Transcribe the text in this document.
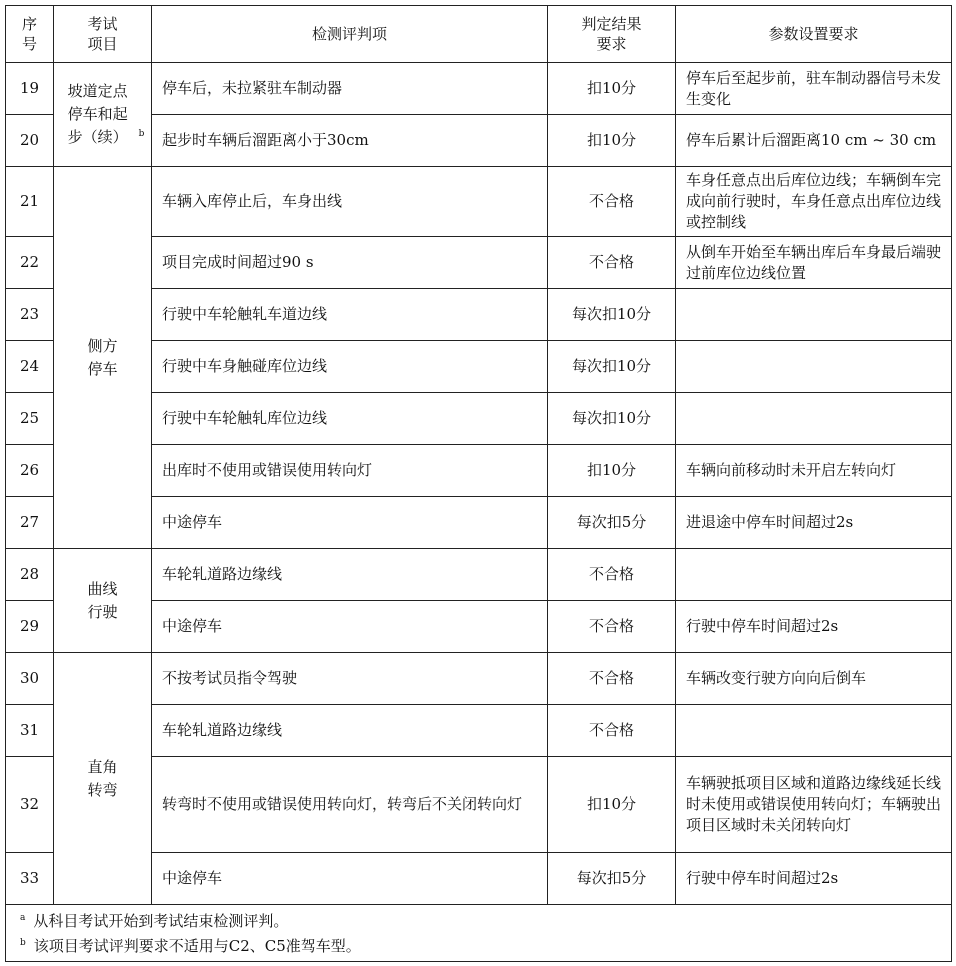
序号	考试项目	检测评判项	判定结果要求	参数设置要求
19	坡道定点停车和起步（续） $^b$	停车后，未拉紧驻车制动器	扣10分	停车后至起步前，驻车制动器信号未发生变化
20		起步时车辆后溜距离小于30cm	扣10分	停车后累计后溜距离10 cm ~ 30 cm
21	侧方停车	车辆入库停止后，车身出线	不合格	车身任意点出后库位边线；车辆倒车完成向前行驶时，车身任意点出库位边线或控制线
22		项目完成时间超过90 s	不合格	从倒车开始至车辆出库后车身最后端驶过前库位边线位置
23		行驶中车轮触轧车道边线	每次扣10分	
24		行驶中车身触碰库位边线	每次扣10分	
25		行驶中车轮触轧库位边线	每次扣10分	
26		出库时不使用或错误使用转向灯	扣10分	车辆向前移动时未开启左转向灯
27		中途停车	每次扣5分	进退途中停车时间超过2s
28	曲线行驶	车轮轧道路边缘线	不合格	
29		中途停车	不合格	行驶中停车时间超过2s
30	直角转弯	不按考试员指令驾驶	不合格	车辆改变行驶方向向后倒车
31		车轮轧道路边缘线	不合格	
32		转弯时不使用或错误使用转向灯，转弯后不关闭转向灯	扣10分	车辆驶抵项目区域和道路边缘线延长线时未使用或错误使用转向灯；车辆驶出项目区域时未关闭转向灯
33		中途停车	每次扣5分	行驶中停车时间超过2s

$^a$ 从科目考试开始到考试结束检测评判。
$^b$ 该项目考试评判要求不适用与C2、C5准驾车型。				
